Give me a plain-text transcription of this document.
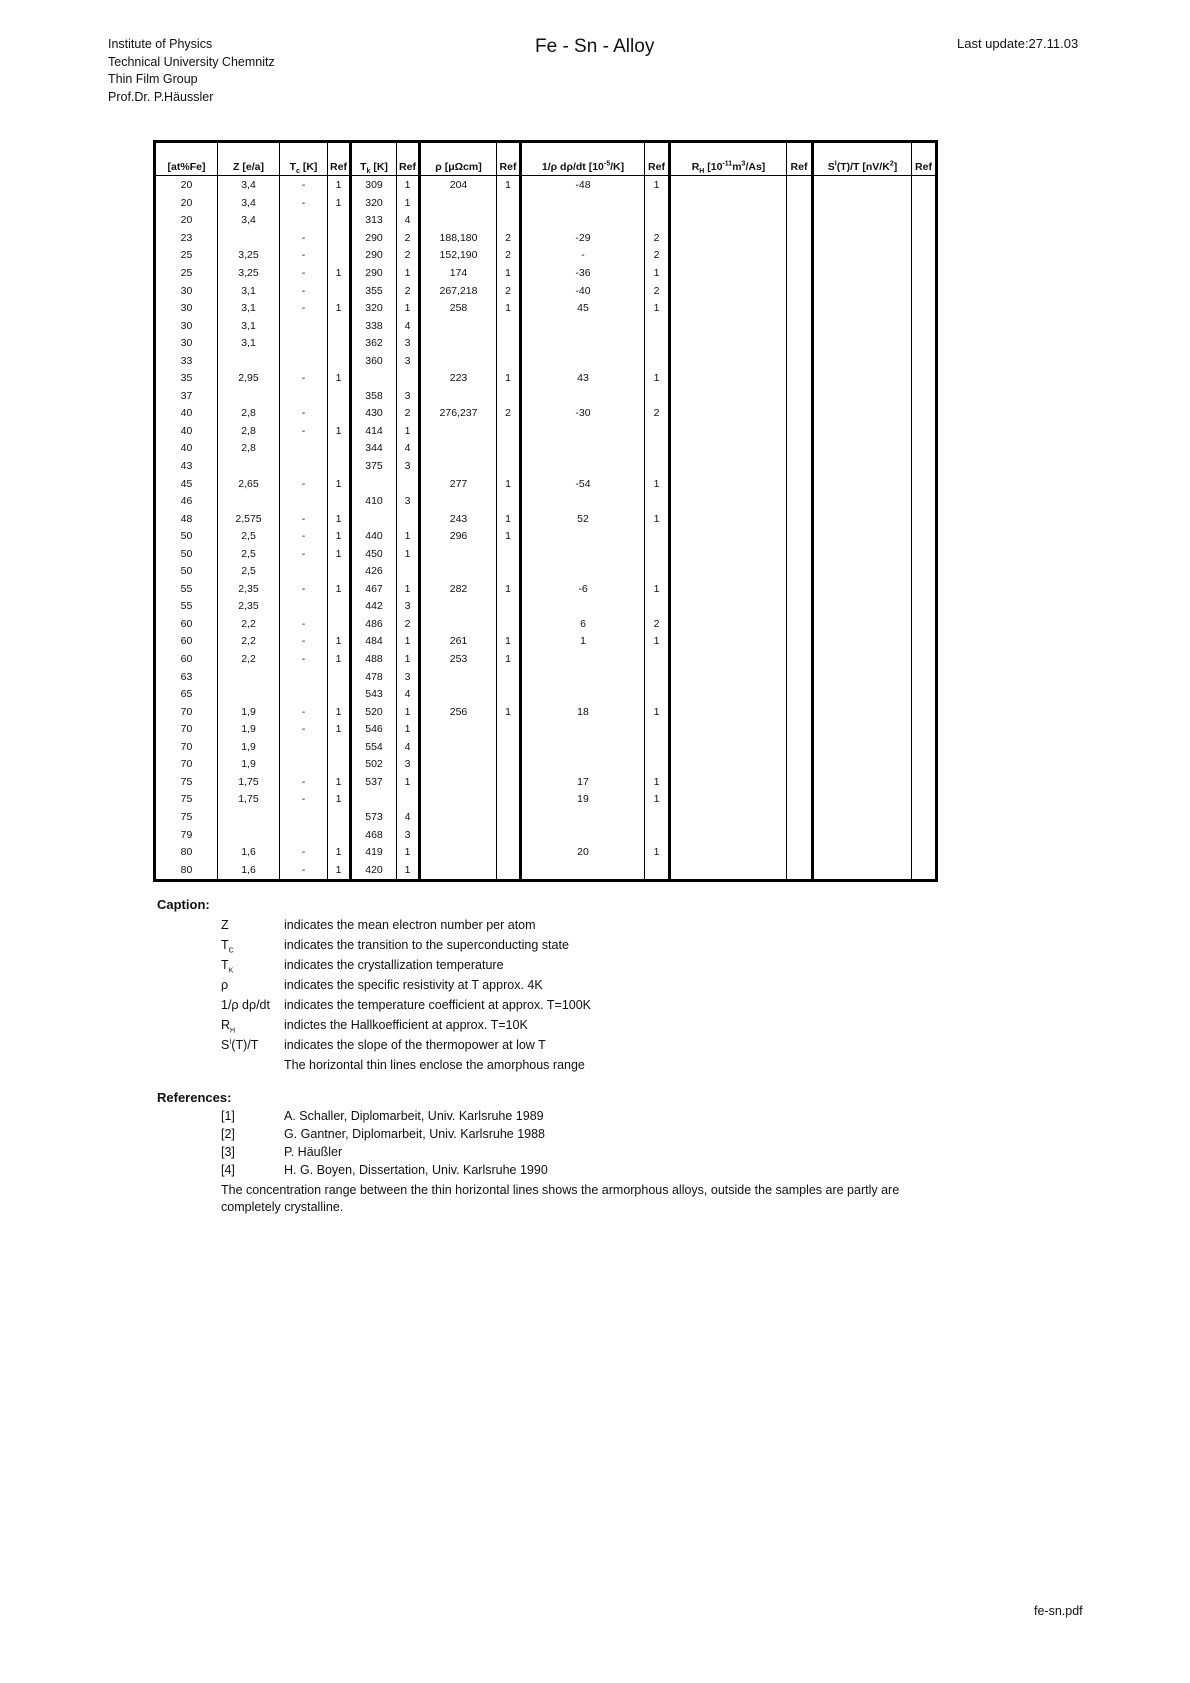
Institute of Physics
Technical University Chemnitz
Thin Film Group
Prof.Dr. P.Häussler
Fe - Sn - Alloy	Last update:27.11.03
[at%Fe]	Z [e/a]	$T_c$ [K]	Ref	$T_k$ [K]	Ref	ρ [μΩcm]	Ref	1/ρ dρ/dt $[10^{-5}/K]$	Ref	$R_H$ $[10^{-11}m^3/As]$	Ref	$S^I(T)/T$ $[nV/K^2]$	Ref
20	3,4	-	1	309	1	204	1	-48	1				
20	3,4	-	1	320	1								
20	3,4			313	4								
23		-		290	2	188,180	2	-29	2				
25	3,25	-		290	2	152,190	2	-	2				
25	3,25	-	1	290	1	174	1	-36	1				
30	3,1	-		355	2	267,218	2	-40	2				
30	3,1	-	1	320	1	258	1	45	1				
30	3,1			338	4								
30	3,1			362	3								
33				360	3								
35	2,95	-	1			223	1	43	1				
37				358	3								
40	2,8	-		430	2	276,237	2	-30	2				
40	2,8	-	1	414	1								
40	2,8			344	4								
43				375	3								
45	2,65	-	1			277	1	-54	1				
46				410	3								
48	2,575	-	1			243	1	52	1				
50	2,5	-	1	440	1	296	1						
50	2,5	-	1	450	1								
50	2,5			426									
55	2,35	-	1	467	1	282	1	-6	1				
55	2,35			442	3								
60	2,2	-		486	2			6	2				
60	2,2	-	1	484	1	261	1	1	1				
60	2,2	-	1	488	1	253	1						
63				478	3								
65				543	4								
70	1,9	-	1	520	1	256	1	18	1				
70	1,9	-	1	546	1								
70	1,9			554	4								
70	1,9			502	3								
75	1,75	-	1	537	1			17	1				
75	1,75	-	1					19	1				
75				573	4								
79				468	3								
80	1,6	-	1	419	1			20	1				
80	1,6	-	1	420	1								
Caption:
Z	indicates the mean electron number per atom
$T_C$	indicates the transition to the superconducting state
$T_K$	indicates the crystallization temperature
ρ	indicates the specific resistivity at T approx. 4K
1/ρ dρ/dt indicates the temperature coefficient at approx. T=100K
$R_H$	indictes the Hallkoefficient at approx. T=10K
$S^I(T)/T$ indicates the slope of the thermopower at low T
The horizontal thin lines enclose the amorphous range
References:
[1]	A. Schaller, Diplomarbeit, Univ. Karlsruhe 1989
[2]	G. Gantner, Diplomarbeit, Univ. Karlsruhe 1988
[3]	P. Häußler
[4]	H. G. Boyen, Dissertation, Univ. Karlsruhe 1990
The concentration range between the thin horizontal lines shows the armorphous alloys, outside the samples are partly are completely crystalline.
fe-sn.pdf
